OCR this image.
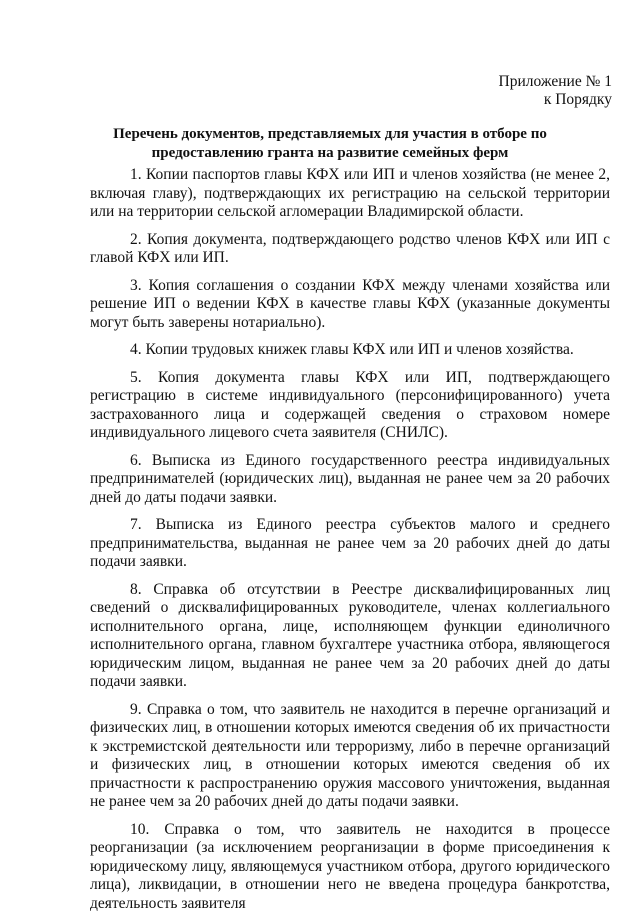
Приложение № 1
к Порядку
Перечень документов, представляемых для участия в отборе по
предоставлению гранта на развитие семейных ферм

1. Копии паспортов главы КФХ или ИП и членов хозяйства (не менее 2, включая главу), подтверждающих их регистрацию на сельской территории или на территории сельской агломерации Владимирской области.

2. Копия документа, подтверждающего родство членов КФХ или ИП с главой КФХ или ИП.

3. Копия соглашения о создании КФХ между членами хозяйства или решение ИП о ведении КФХ в качестве главы КФХ (указанные документы могут быть заверены нотариально).

4. Копии трудовых книжек главы КФХ или ИП и членов хозяйства.

5. Копия документа главы КФХ или ИП, подтверждающего регистрацию в системе индивидуального (персонифицированного) учета застрахованного лица и содержащей сведения о страховом номере индивидуального лицевого счета заявителя (СНИЛС).

6. Выписка из Единого государственного реестра индивидуальных предпринимателей (юридических лиц), выданная не ранее чем за 20 рабочих дней до даты подачи заявки.

7. Выписка из Единого реестра субъектов малого и среднего предпринимательства, выданная не ранее чем за 20 рабочих дней до даты подачи заявки.

8. Справка об отсутствии в Реестре дисквалифицированных лиц сведений о дисквалифицированных руководителе, членах коллегиального исполнительного органа, лице, исполняющем функции единоличного исполнительного органа, главном бухгалтере участника отбора, являющегося юридическим лицом, выданная не ранее чем за 20 рабочих дней до даты подачи заявки.

9. Справка о том, что заявитель не находится в перечне организаций и физических лиц, в отношении которых имеются сведения об их причастности к экстремистской деятельности или терроризму, либо в перечне организаций и физических лиц, в отношении которых имеются сведения об их причастности к распространению оружия массового уничтожения, выданная не ранее чем за 20 рабочих дней до даты подачи заявки.

10. Справка о том, что заявитель не находится в процессе реорганизации (за исключением реорганизации в форме присоединения к юридическому лицу, являющемуся участником отбора, другого юридического лица), ликвидации, в отношении него не введена процедура банкротства, деятельность заявителя
